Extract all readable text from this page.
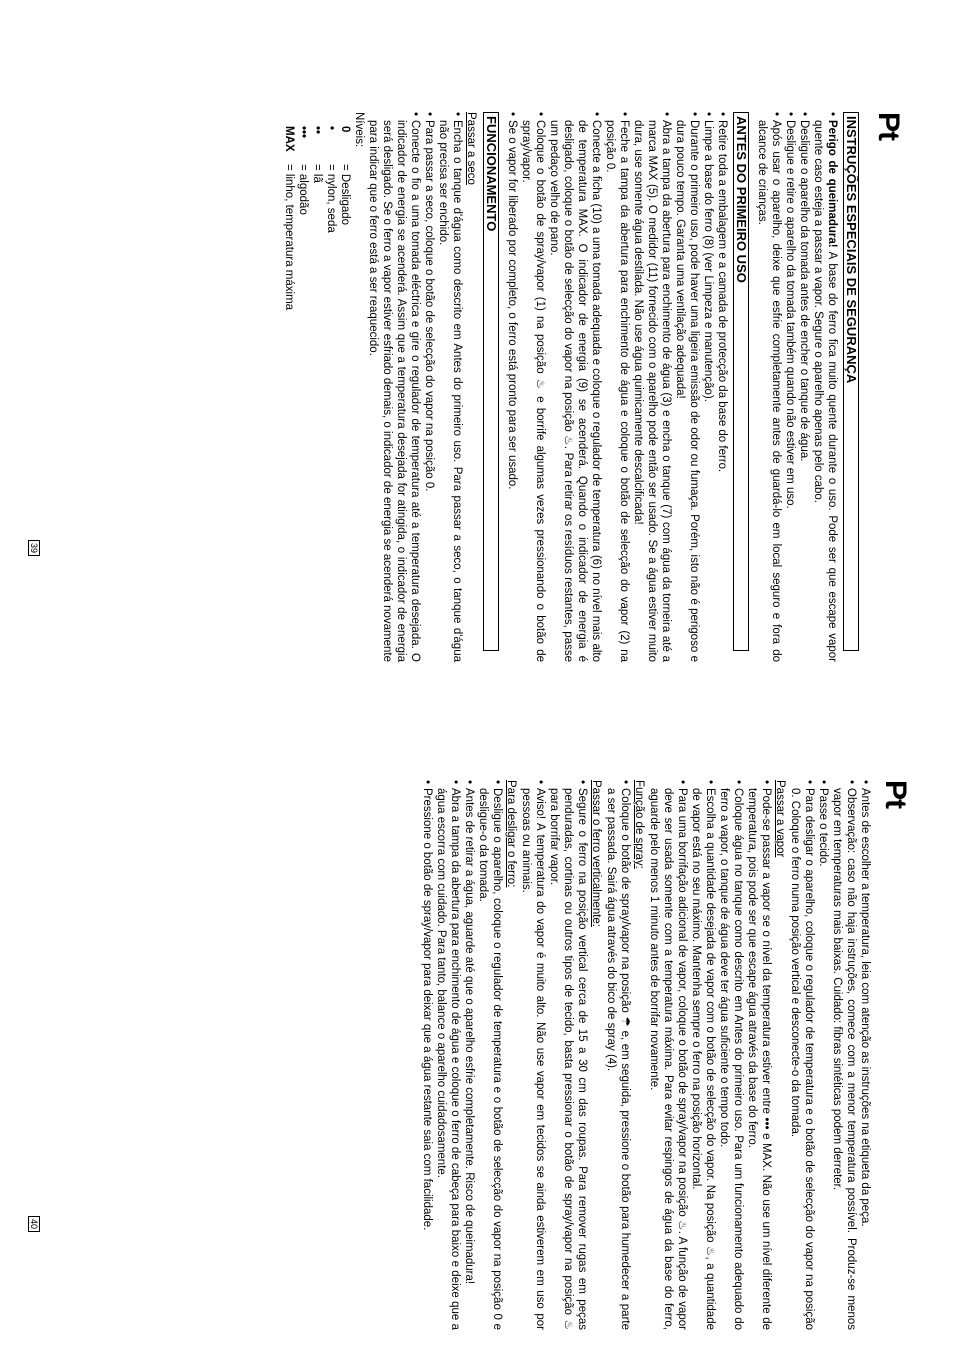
Pt
INSTRUÇÕES ESPECIAIS DE SEGURANÇA
• Perigo de queimadura! A base do ferro fica muito quente durante o uso. Pode ser que escape vapor quente caso esteja a passar a vapor. Segure o aparelho apenas pelo cabo.
• Desligue o aparelho da tomada antes de encher o tanque de água.
• Desligue e retire o aparelho da tomada também quando não estiver em uso.
• Após usar o aparelho, deixe que esfrie completamente antes de guardá-lo em local seguro e fora do alcance de crianças.
ANTES DO PRIMEIRO USO
• Retire toda a embalagem e a camada de protecção da base do ferro.
• Limpe a base do ferro (8) (ver Limpeza e manutenção).
• Durante o primeiro uso, pode haver uma ligeira emissão de odor ou fumaça. Porém, isto não é perigoso e dura pouco tempo. Garanta uma ventilação adequada!
• Abra a tampa da abertura para enchimento de água (3) e encha o tanque (7) com água da torneira até a marca MAX (5). O medidor (11) fornecido com o aparelho pode então ser usado. Se a água estiver muito dura, use somente água destilada. Não use água quimicamente descalcificada!
• Feche a tampa da abertura para enchimento de água e coloque o botão de selecção do vapor (2) na posição 0.
• Conecte a ficha (10) a uma tomada adequada e coloque o regulador de temperatura (6) no nível mais alto de temperatura MAX. O indicador de energia (9) se acenderá. Quando o indicador de energia é desligado, coloque o botão de selecção do vapor na posição ♨. Para retirar os resíduos restantes, passe um pedaço velho de pano.
• Coloque o botão de spray/vapor (1) na posição ♨ e borrife algumas vezes pressionando o botão de spray/vapor.
• Se o vapor for liberado por completo, o ferro está pronto para ser usado.
FUNCIONAMENTO
Passar a seco
• Encha o tanque d'água como descrito em Antes do primeiro uso. Para passar a seco, o tanque d'água não precisa ser enchido.
• Para passar a seco, coloque o botão de selecção do vapor na posição 0.
• Conecte o fio a uma tomada eléctrica e gire o regulador de temperatura até a temperatura desejada. O indicador de energia se acenderá. Assim que a temperatura desejada for atingida, o indicador de energia será desligado. Se o ferro a vapor estiver esfriado demais, o indicador de energia se acenderá novamente para indicar que o ferro está a ser reaquecido.
Níveis:
0
= Desligado
•
= nylon, seda
••
= lã
•••
= algodão
MAX
= linho, temperatura máxima
39
Pt
• Antes de escolher a temperatura, leia com atenção as instruções na etiqueta da peça.
• Observação: caso não haja instruções, comece com a menor temperatura possível. Produz-se menos vapor em temperaturas mais baixas. Cuidado: fibras sintéticas podem derreter.
• Passe o tecido.
• Para desligar o aparelho, coloque o regulador de temperatura e o botão de selecção do vapor na posição 0. Coloque o ferro numa posição vertical e desconecte-o da tomada.
Passar a vapor
• Pode-se passar a vapor se o nível da temperatura estiver entre ••• e MAX. Não use um nível diferente de temperatura, pois pode ser que escape água através da base do ferro.
• Coloque água no tanque como descrito em Antes do primeiro uso. Para um funcionamento adequado do ferro a vapor, o tanque de água deve ter água suficiente o tempo todo.
• Escolha a quantidade desejada de vapor com o botão de selecção do vapor. Na posição ♨, a quantidade de vapor está no seu máximo. Mantenha sempre o ferro na posição horizontal.
• Para uma borrifação adicional de vapor, coloque o botão de spray/vapor na posição ♨. A função de vapor deve ser usada somente com a temperatura máxima. Para evitar respingos de água da base do ferro, aguarde pelo menos 1 minuto antes de borrifar novamente.
Função de spray:
• Coloque o botão de spray/vapor na posição ☂ e, em seguida, pressione o botão para humedecer a parte a ser passada. Sairá água através do bico de spray (4).
Passar o ferro verticalmente:
• Segure o ferro na posição vertical cerca de 15 a 30 cm das roupas. Para remover rugas em peças penduradas, cortinas ou outros tipos de tecido, basta pressionar o botão de spray/vapor na posição ♨ para borrifar vapor.
• Aviso! A temperatura do vapor é muito alto. Não use vapor em tecidos se ainda estiverem em uso por pessoas ou animais.
Para desligar o ferro:
• Desligue o aparelho, coloque o regulador de temperatura e o botão de selecção do vapor na posição 0 e desligue-o da tomada.
• Antes de retirar a água, aguarde até que o aparelho esfrie completamente. Risco de queimadura!
• Abra a tampa da abertura para enchimento de água e coloque o ferro de cabeça para baixo e deixe que a água escorra com cuidado. Para tanto, balance o aparelho cuidadosamente.
• Pressione o botão de spray/vapor para deixar que a água restante saia com facilidade.
40
